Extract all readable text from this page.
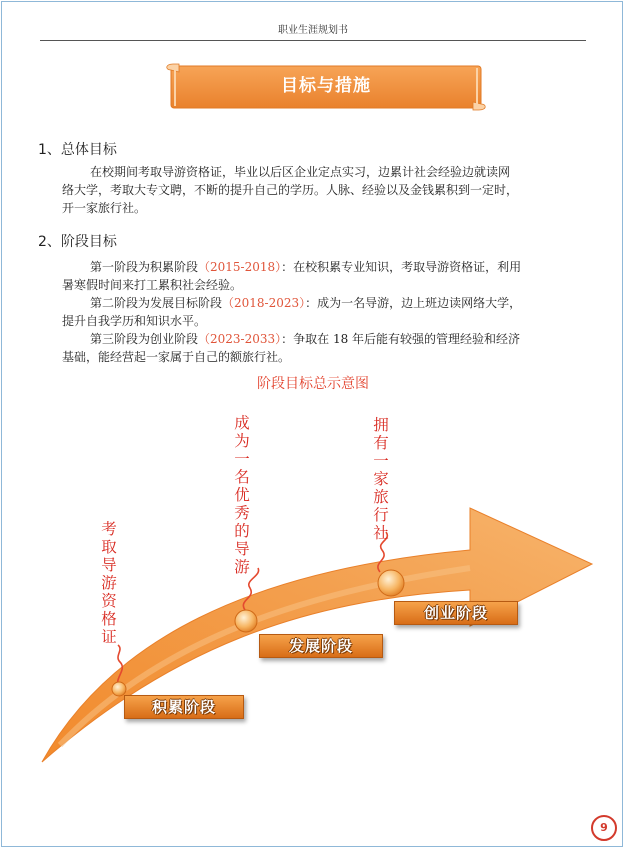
职业生涯规划书
目标与措施
1、总体目标
在校期间考取导游资格证，毕业以后区企业定点实习，边累计社会经验边就读网
络大学，考取大专文聘，不断的提升自己的学历。人脉、经验以及金钱累积到一定时，
开一家旅行社。
2、阶段目标
第一阶段为积累阶段（2015-2018）：在校积累专业知识，考取导游资格证，利用
暑寒假时间来打工累积社会经验。
第二阶段为发展目标阶段（2018-2023）：成为一名导游，边上班边读网络大学，
提升自我学历和知识水平。
第三阶段为创业阶段（2023-2033）：争取在 18 年后能有较强的管理经验和经济
基础，能经营起一家属于自己的额旅行社。
阶段目标总示意图
考取导游资格证
成为一名优秀的导游
拥有一家旅行社
积累阶段
发展阶段
创业阶段
9
